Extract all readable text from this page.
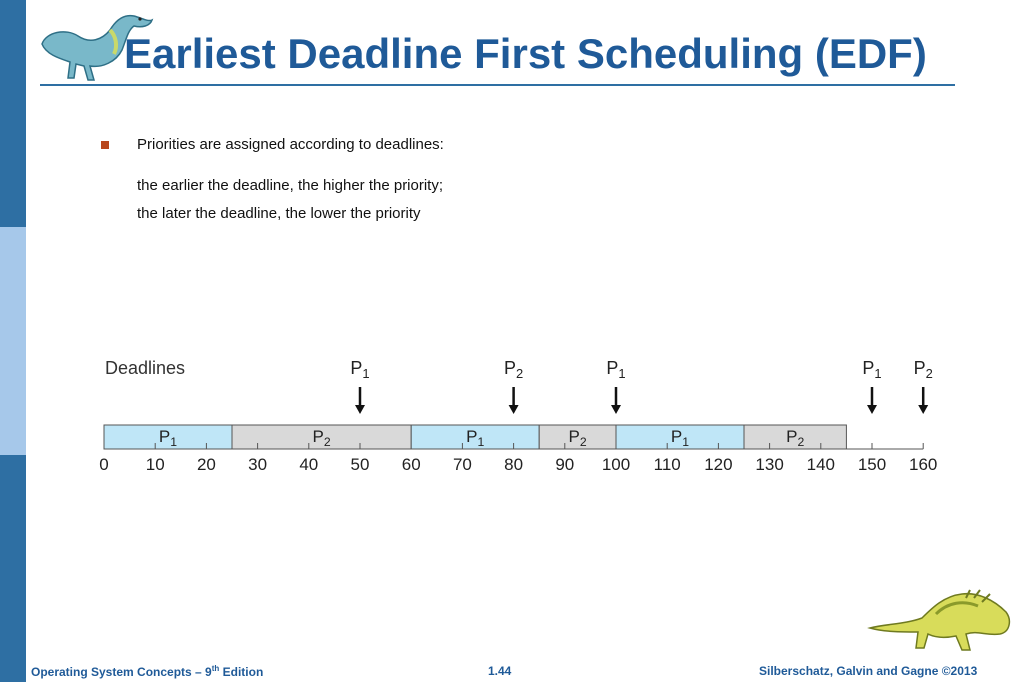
Earliest Deadline First Scheduling (EDF)
Priorities are assigned according to deadlines:
the earlier the deadline, the higher the priority;
the later the deadline, the lower the priority
Deadlines	$P_1$	$P_2$	$P_1$	$P_1$ $P_2$
$P_1$	$P_2$	$P_1$	$P_2$	$P_1$	$P_2$
0 10 20 30 40 50 60 70 80 90 100 110 120 130 140 150 160
Operating System Concepts – 9th Edition	1.44	Silberschatz, Galvin and Gagne ©2013
